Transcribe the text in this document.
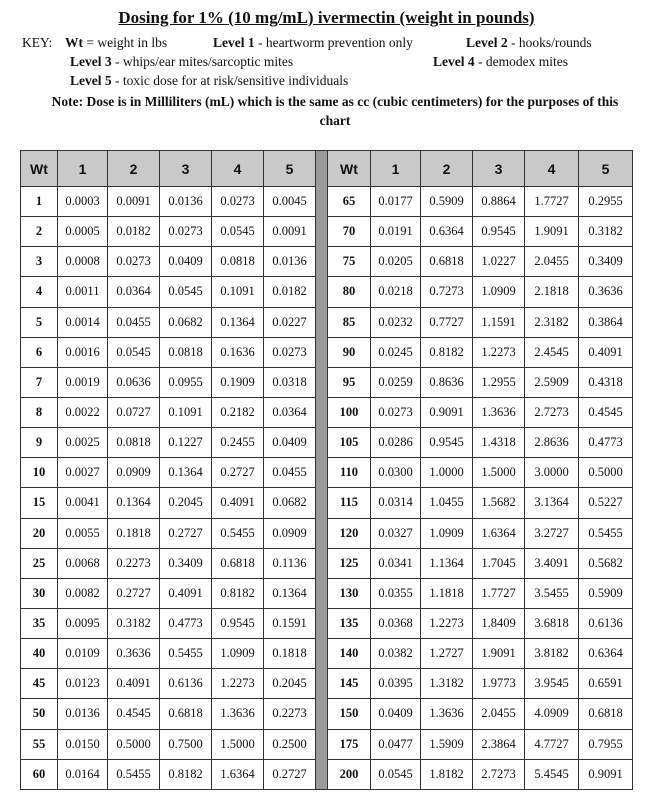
Dosing for 1% (10 mg/mL) ivermectin (weight in pounds)
KEY: Wt = weight in lbs	Level 1 - heartworm prevention only	Level 2 - hooks/rounds
Level 3 - whips/ear mites/sarcoptic mites	Level 4 - demodex mites
Level 5 - toxic dose for at risk/sensitive individuals
Note: Dose is in Milliliters (mL) which is the same as cc (cubic centimeters) for the purposes of this chart
Wt	1	2	3	4	5
1	0.0003	0.0091	0.0136	0.0273	0.0045
2	0.0005	0.0182	0.0273	0.0545	0.0091
3	0.0008	0.0273	0.0409	0.0818	0.0136
4	0.0011	0.0364	0.0545	0.1091	0.0182
5	0.0014	0.0455	0.0682	0.1364	0.0227
6	0.0016	0.0545	0.0818	0.1636	0.0273
7	0.0019	0.0636	0.0955	0.1909	0.0318
8	0.0022	0.0727	0.1091	0.2182	0.0364
9	0.0025	0.0818	0.1227	0.2455	0.0409
10	0.0027	0.0909	0.1364	0.2727	0.0455
15	0.0041	0.1364	0.2045	0.4091	0.0682
20	0.0055	0.1818	0.2727	0.5455	0.0909
25	0.0068	0.2273	0.3409	0.6818	0.1136
30	0.0082	0.2727	0.4091	0.8182	0.1364
35	0.0095	0.3182	0.4773	0.9545	0.1591
40	0.0109	0.3636	0.5455	1.0909	0.1818
45	0.0123	0.4091	0.6136	1.2273	0.2045
50	0.0136	0.4545	0.6818	1.3636	0.2273
55	0.0150	0.5000	0.7500	1.5000	0.2500
60	0.0164	0.5455	0.8182	1.6364	0.2727
Wt	1	2	3	4	5
65	0.0177	0.5909	0.8864	1.7727	0.2955
70	0.0191	0.6364	0.9545	1.9091	0.3182
75	0.0205	0.6818	1.0227	2.0455	0.3409
80	0.0218	0.7273	1.0909	2.1818	0.3636
85	0.0232	0.7727	1.1591	2.3182	0.3864
90	0.0245	0.8182	1.2273	2.4545	0.4091
95	0.0259	0.8636	1.2955	2.5909	0.4318
100	0.0273	0.9091	1.3636	2.7273	0.4545
105	0.0286	0.9545	1.4318	2.8636	0.4773
110	0.0300	1.0000	1.5000	3.0000	0.5000
115	0.0314	1.0455	1.5682	3.1364	0.5227
120	0.0327	1.0909	1.6364	3.2727	0.5455
125	0.0341	1.1364	1.7045	3.4091	0.5682
130	0.0355	1.1818	1.7727	3.5455	0.5909
135	0.0368	1.2273	1.8409	3.6818	0.6136
140	0.0382	1.2727	1.9091	3.8182	0.6364
145	0.0395	1.3182	1.9773	3.9545	0.6591
150	0.0409	1.3636	2.0455	4.0909	0.6818
175	0.0477	1.5909	2.3864	4.7727	0.7955
200	0.0545	1.8182	2.7273	5.4545	0.9091
